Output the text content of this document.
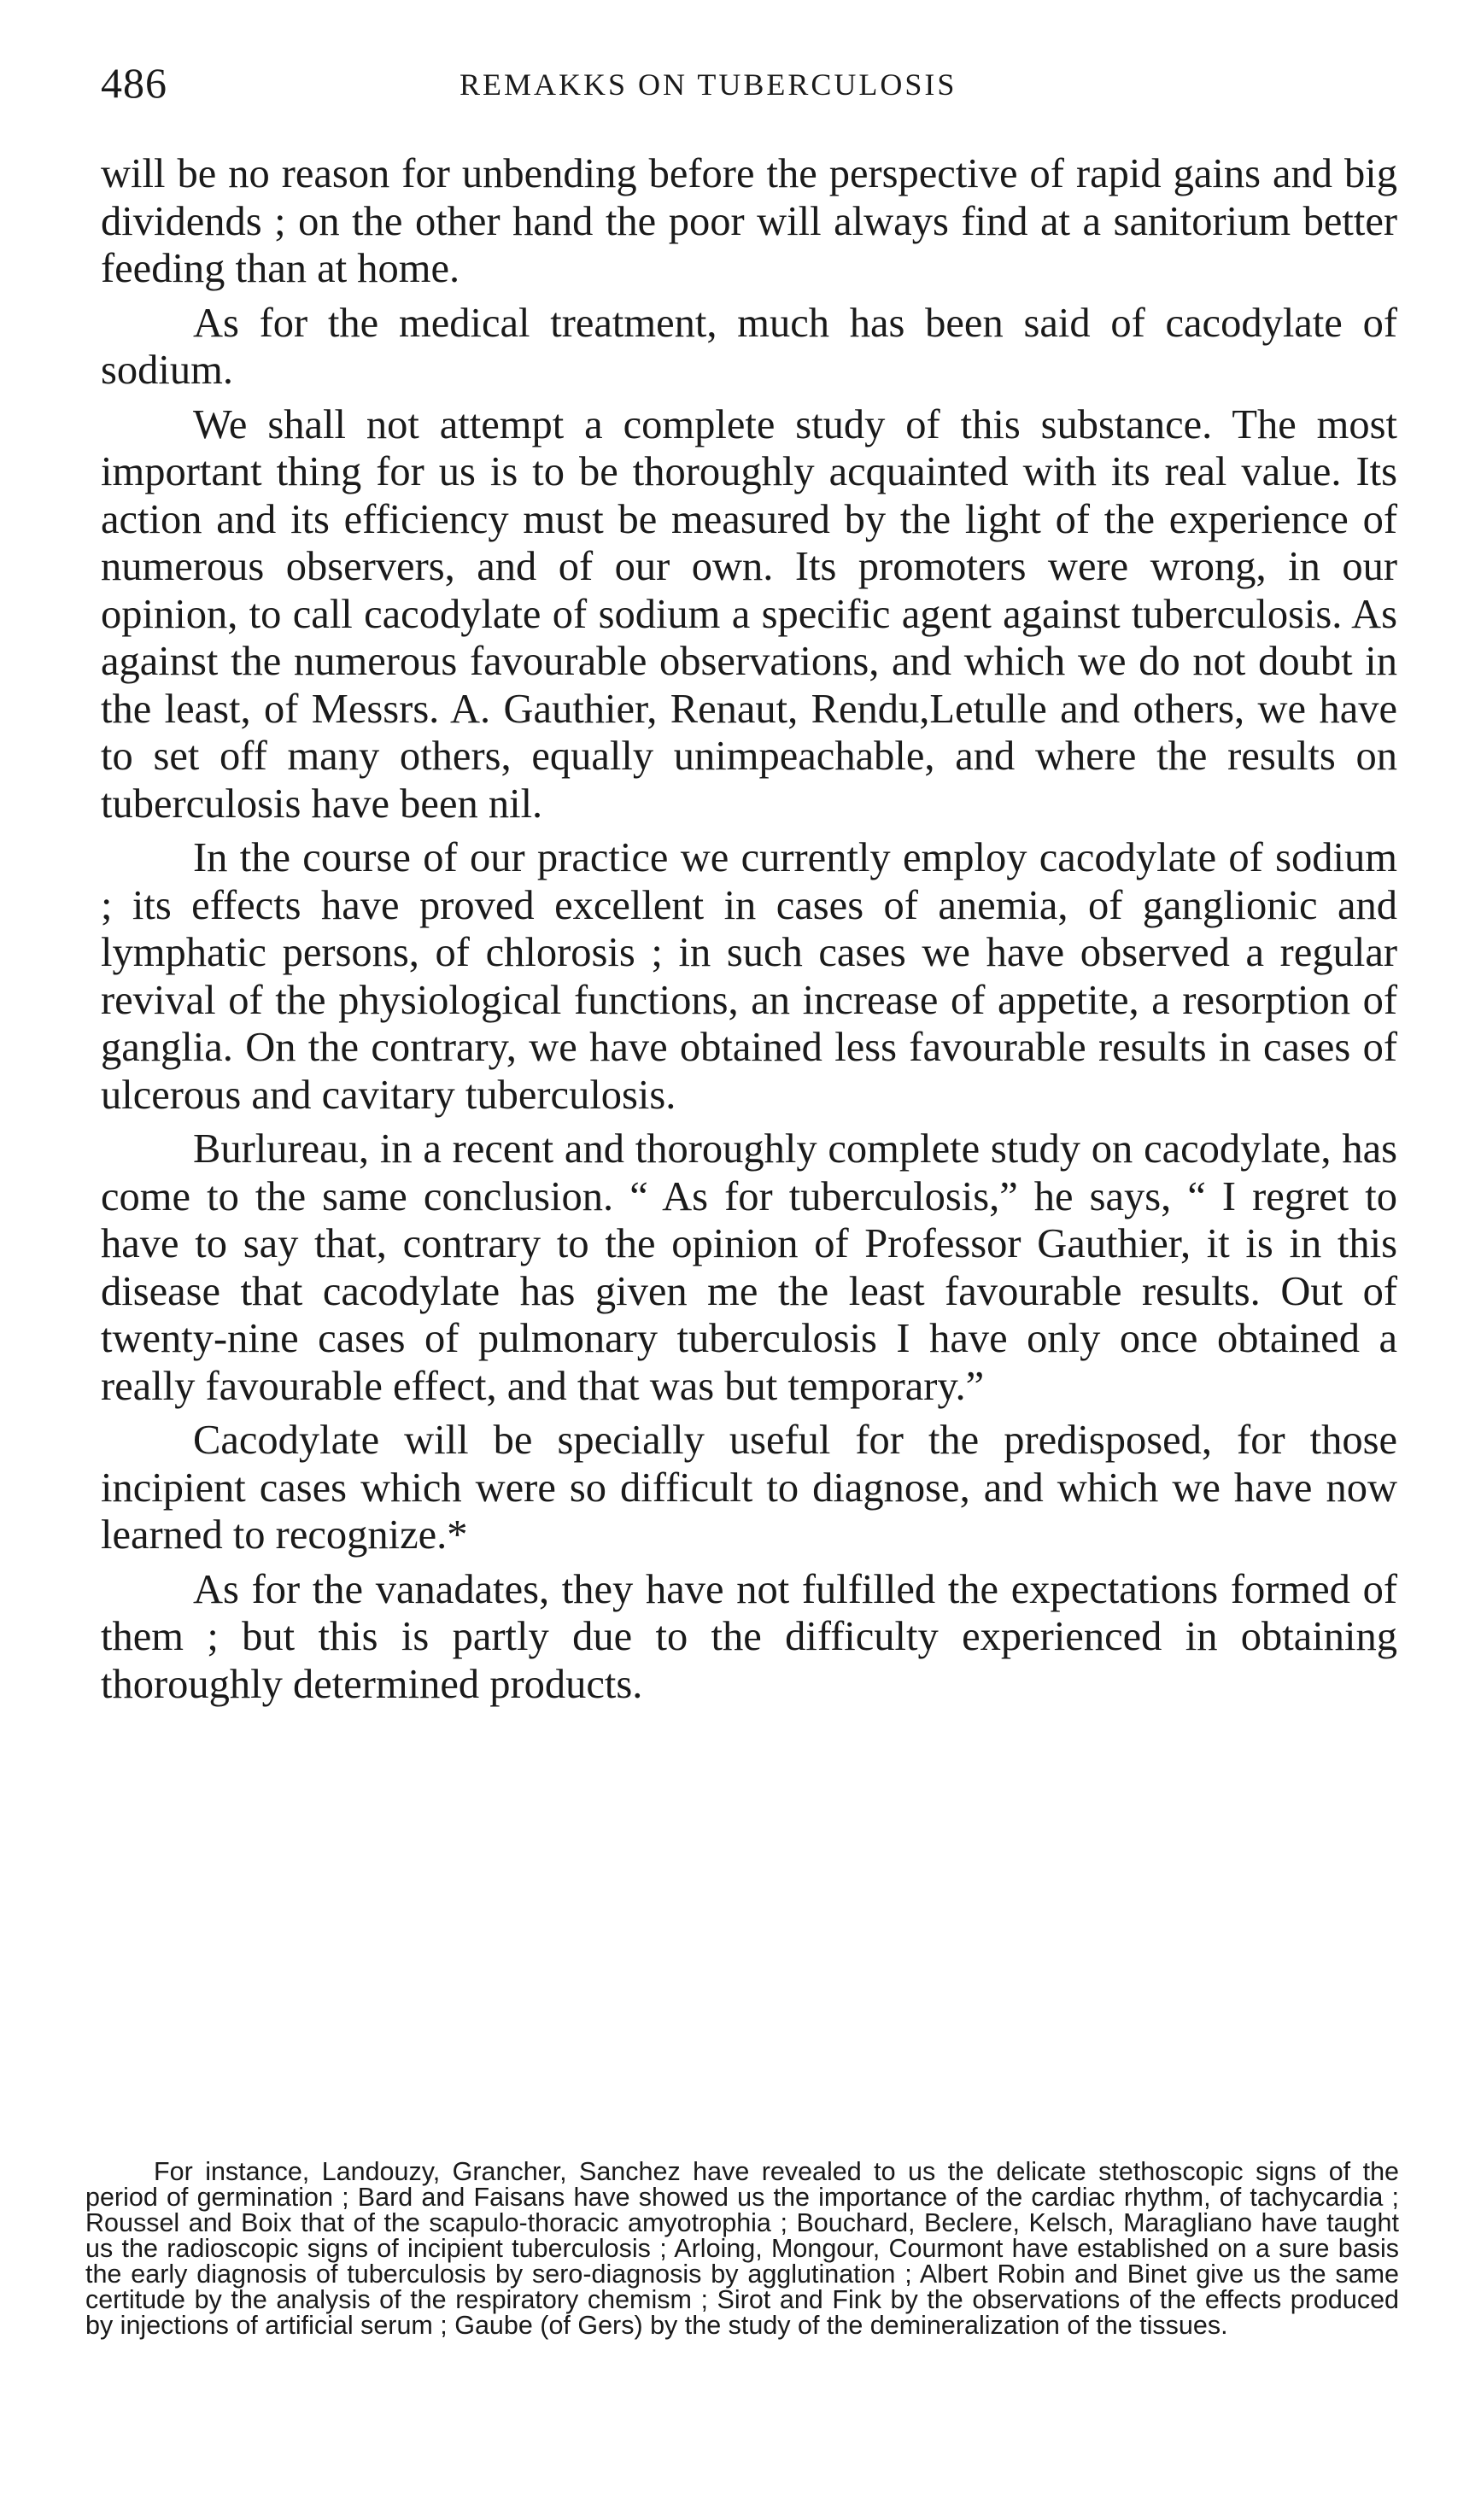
486	REMAKKS ON TUBERCULOSIS

will be no reason for unbending before the perspective of rapid gains and big dividends ; on the other hand the poor will always find at a sanitorium better feeding than at home.

As for the medical treatment, much has been said of cacodylate of sodium.

We shall not attempt a complete study of this substance. The most important thing for us is to be thoroughly acquainted with its real value. Its action and its efficiency must be measured by the light of the experience of numerous observers, and of our own. Its promoters were wrong, in our opinion, to call cacodylate of sodium a specific agent against tuberculosis. As against the numerous favourable observations, and which we do not doubt in the least, of Messrs. A. Gauthier, Renaut, Rendu,Letulle and others, we have to set off many others, equally unimpeachable, and where the results on tuberculosis have been nil.

In the course of our practice we currently employ cacodylate of sodium ; its effects have proved excellent in cases of anemia, of ganglionic and lymphatic persons, of chlorosis ; in such cases we have observed a regular revival of the physiological functions, an increase of appetite, a resorption of ganglia. On the contrary, we have obtained less favourable results in cases of ulcerous and cavitary tuberculosis.

Burlureau, in a recent and thoroughly complete study on cacodylate, has come to the same conclusion. “ As for tuberculosis,” he says, “ I regret to have to say that, contrary to the opinion of Professor Gauthier, it is in this disease that cacodylate has given me the least favourable results. Out of twenty-nine cases of pulmonary tuberculosis I have only once obtained a really favourable effect, and that was but temporary.”

Cacodylate will be specially useful for the predisposed, for those incipient cases which were so difficult to diagnose, and which we have now learned to recognize.*

As for the vanadates, they have not fulfilled the expectations formed of them ; but this is partly due to the difficulty experienced in obtaining thoroughly determined products.

For instance, Landouzy, Grancher, Sanchez have revealed to us the delicate stethoscopic signs of the period of germination ; Bard and Faisans have showed us the importance of the cardiac rhythm, of tachycardia ; Roussel and Boix that of the scapulo-thoracic amyotrophia ; Bouchard, Beclere, Kelsch, Maragliano have taught us the radioscopic signs of incipient tuberculosis ; Arloing, Mongour, Courmont have established on a sure basis the early diagnosis of tuberculosis by sero-diagnosis by agglutination ; Albert Robin and Binet give us the same certitude by the analysis of the respiratory chemism ; Sirot and Fink by the observations of the effects produced by injections of artificial serum ; Gaube (of Gers) by the study of the demineralization of the tissues.
